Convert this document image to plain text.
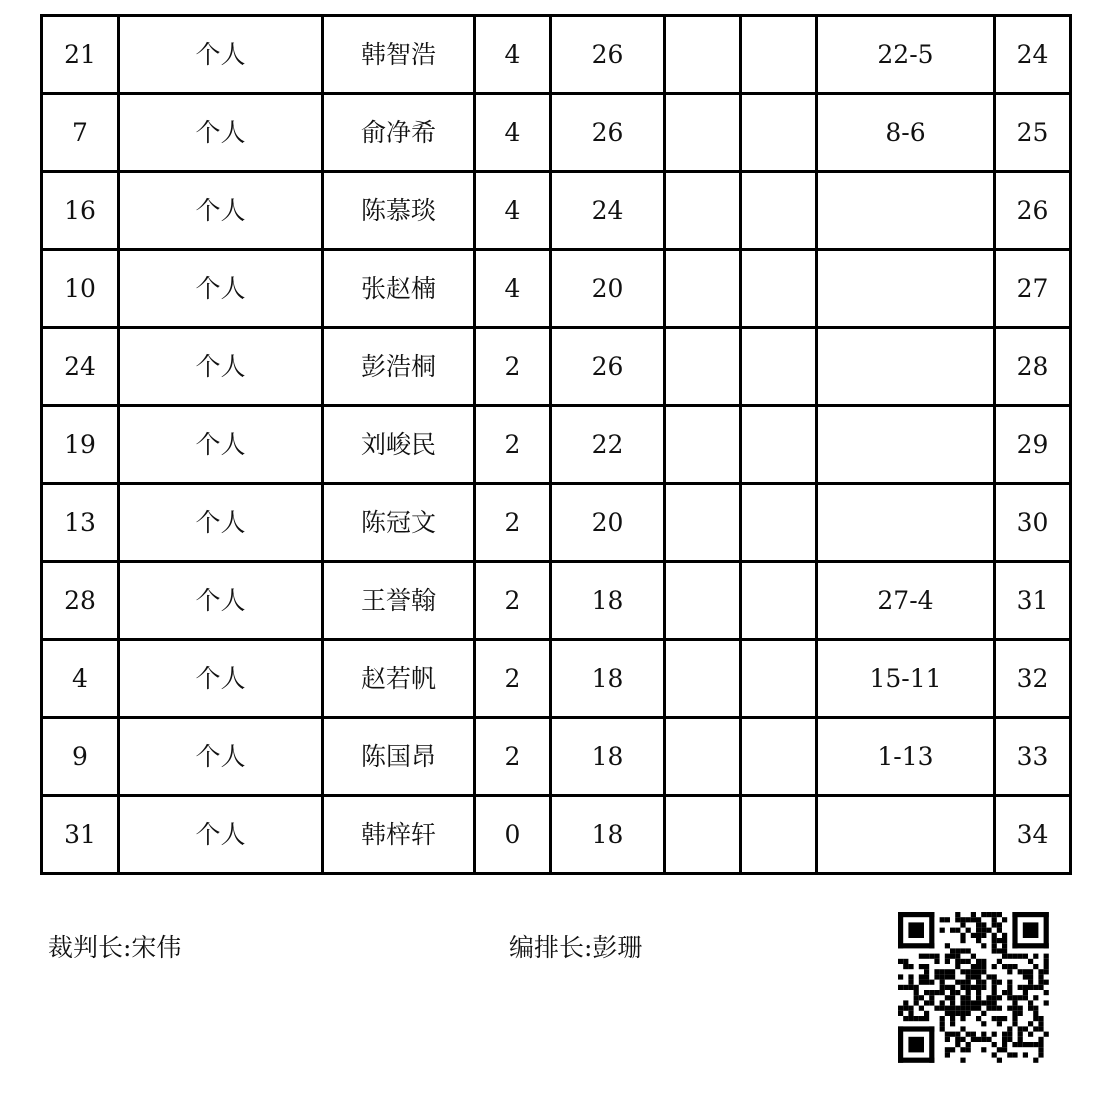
21	个人	韩智浩	4	26			22-5	24
7	个人	俞净希	4	26			8-6	25
16	个人	陈慕琰	4	24				26
10	个人	张赵楠	4	20				27
24	个人	彭浩桐	2	26				28
19	个人	刘峻民	2	22				29
13	个人	陈冠文	2	20				30
28	个人	王誉翰	2	18			27-4	31
4	个人	赵若帆	2	18			15-11	32
9	个人	陈国昂	2	18			1-13	33
31	个人	韩梓轩	0	18				34
裁判长:宋伟	编排长:彭珊
